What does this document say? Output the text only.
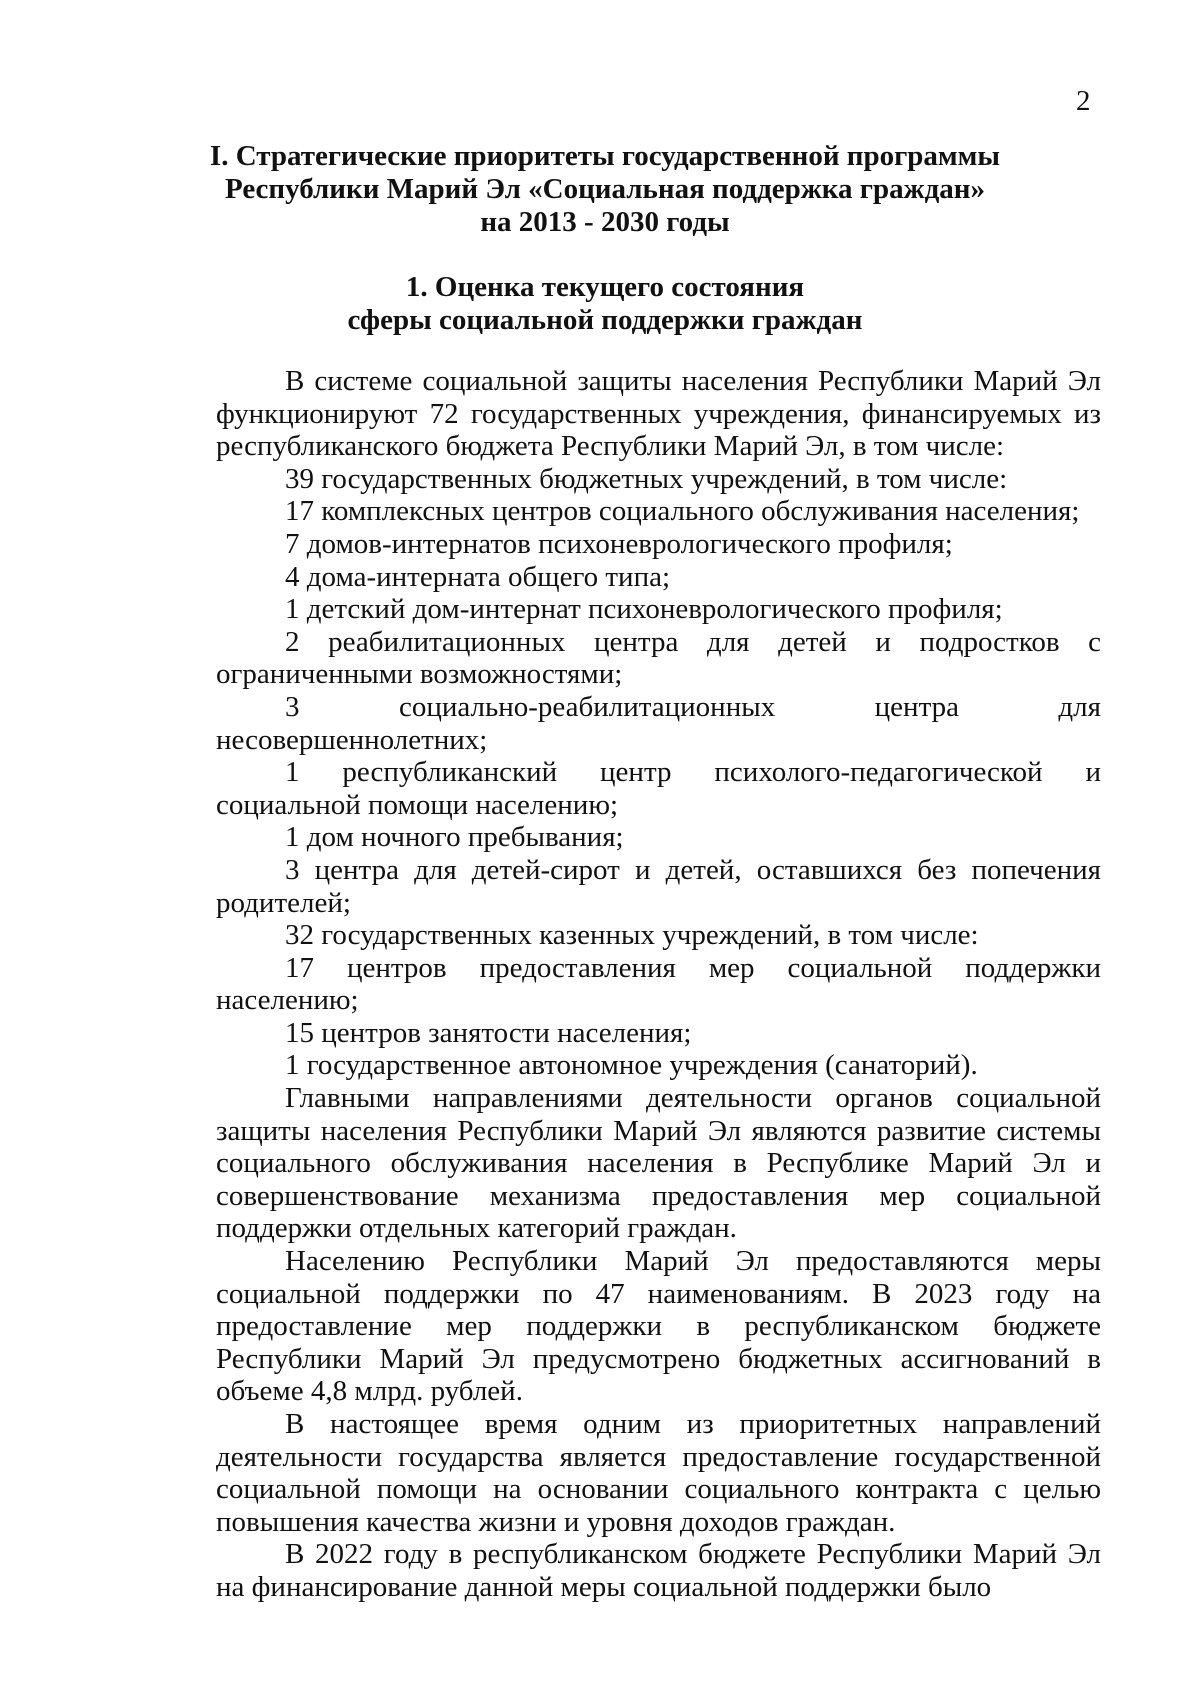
2
I. Стратегические приоритеты государственной программы
Республики Марий Эл «Социальная поддержка граждан»
на 2013 - 2030 годы
1. Оценка текущего состояния
сферы социальной поддержки граждан

В системе социальной защиты населения Республики Марий Эл функционируют 72 государственных учреждения, финансируемых из республиканского бюджета Республики Марий Эл, в том числе:

39 государственных бюджетных учреждений, в том числе:

17 комплексных центров социального обслуживания населения;

7 домов-интернатов психоневрологического профиля;

4 дома-интерната общего типа;

1 детский дом-интернат психоневрологического профиля;

2 реабилитационных центра для детей и подростков с ограниченными возможностями;

3 социально-реабилитационных центра для несовершеннолетних;

1 республиканский центр психолого-педагогической и социальной помощи населению;

1 дом ночного пребывания;

3 центра для детей-сирот и детей, оставшихся без попечения родителей;

32 государственных казенных учреждений, в том числе:

17 центров предоставления мер социальной поддержки населению;

15 центров занятости населения;

1 государственное автономное учреждения (санаторий).

Главными направлениями деятельности органов социальной защиты населения Республики Марий Эл являются развитие системы социального обслуживания населения в Республике Марий Эл и совершенствование механизма предоставления мер социальной поддержки отдельных категорий граждан.

Населению Республики Марий Эл предоставляются меры социальной поддержки по 47 наименованиям. В 2023 году на предоставление мер поддержки в республиканском бюджете Республики Марий Эл предусмотрено бюджетных ассигнований в объеме 4,8 млрд. рублей.

В настоящее время одним из приоритетных направлений деятельности государства является предоставление государственной социальной помощи на основании социального контракта с целью повышения качества жизни и уровня доходов граждан.

В 2022 году в республиканском бюджете Республики Марий Эл на финансирование данной меры социальной поддержки было
